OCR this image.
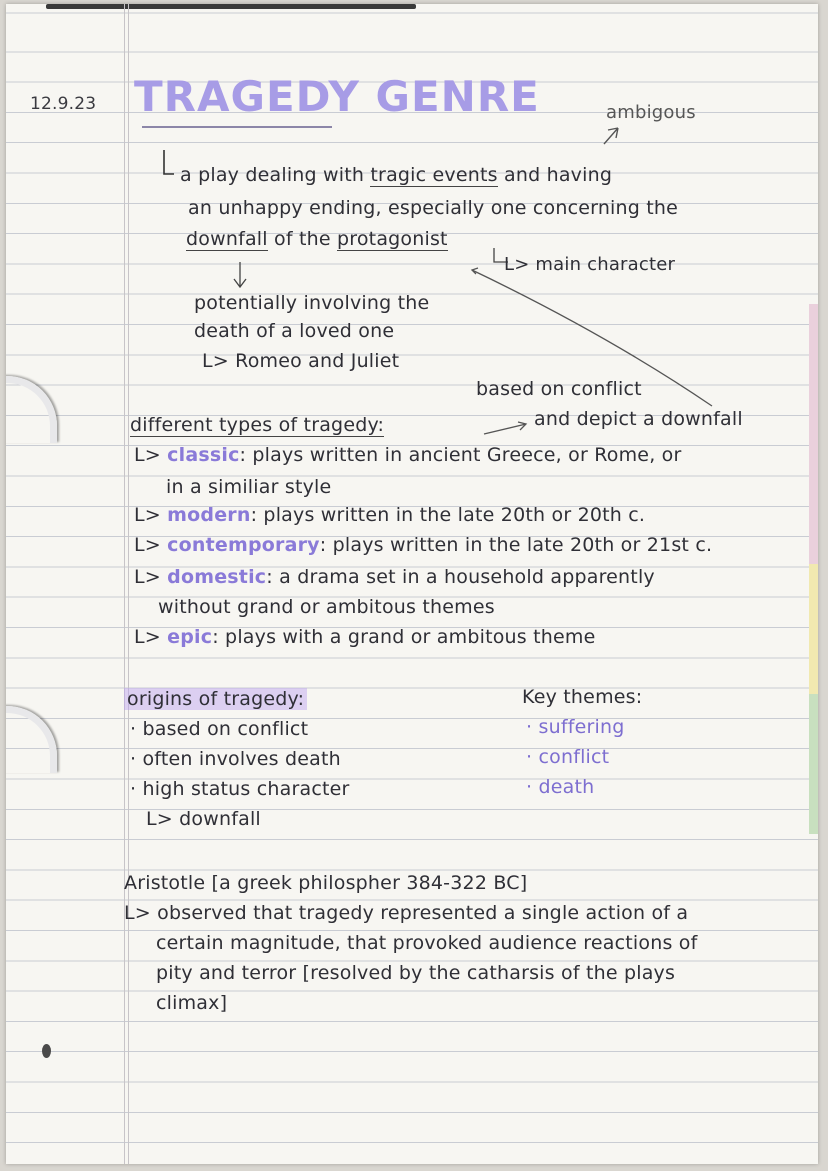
12.9.23 TRAGEDY GENRE	ambigous
a play dealing with tragic events and having
an unhappy ending, especially one concerning the
downfall of the protagonist
L> main character
potentially involving the
death of a loved one
L> Romeo and Juliet
based on conflict
and depict a downfall
different types of tragedy:
L> classic: plays written in ancient Greece, or Rome, or
in a similiar style
L> modern: plays written in the late 20th or 20th c.
L> contemporary: plays written in the late 20th or 21st c.
L> domestic: a drama set in a household apparently
without grand or ambitous themes
L> epic: plays with a grand or ambitous theme
origins of tragedy:
· based on conflict
· often involves death
· high status character
L> downfall
Key themes:
· suffering
· conflict
· death
Aristotle [a greek philospher 384-322 BC]
L> observed that tragedy represented a single action of a
certain magnitude, that provoked audience reactions of
pity and terror [resolved by the catharsis of the plays
climax]
